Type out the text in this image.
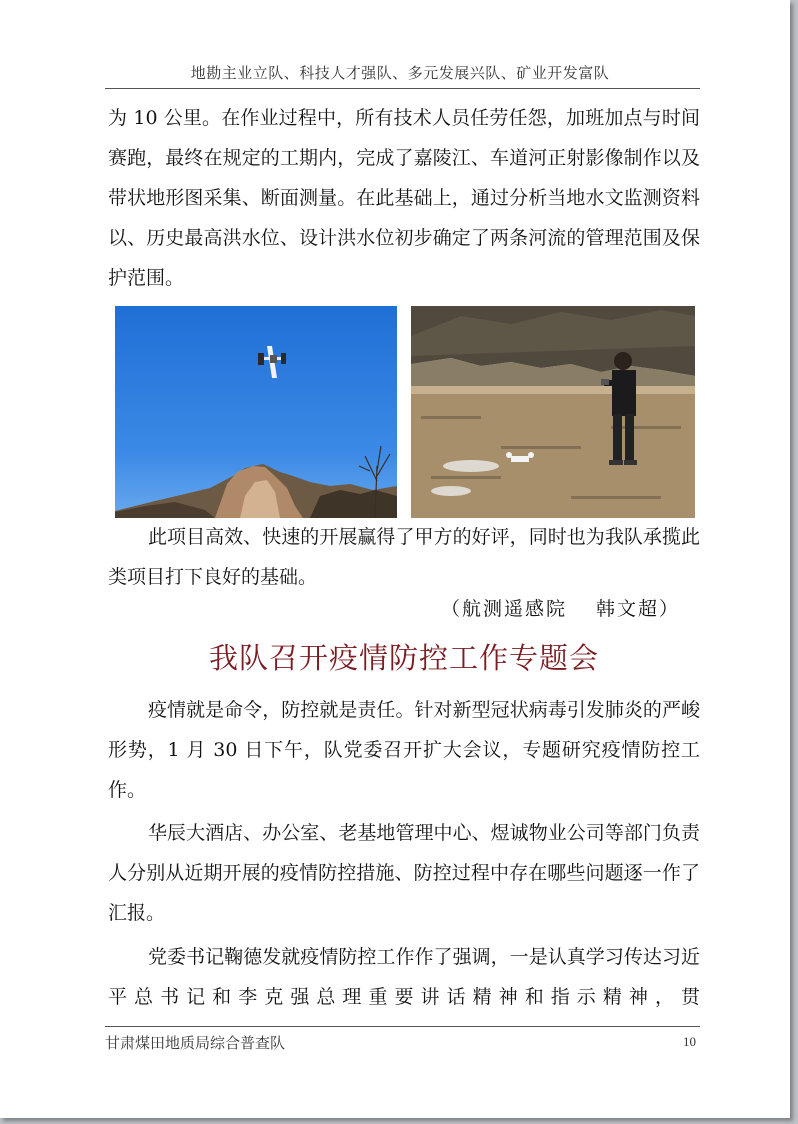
地勘主业立队、科技人才强队、多元发展兴队、矿业开发富队

为 10 公里。在作业过程中，所有技术人员任劳任怨，加班加点与时间赛跑，最终在规定的工期内，完成了嘉陵江、车道河正射影像制作以及带状地形图采集、断面测量。在此基础上，通过分析当地水文监测资料以、历史最高洪水位、设计洪水位初步确定了两条河流的管理范围及保护范围。

此项目高效、快速的开展赢得了甲方的好评，同时也为我队承揽此类项目打下良好的基础。

（航测遥感院　 韩文超）
我队召开疫情防控工作专题会

疫情就是命令，防控就是责任。针对新型冠状病毒引发肺炎的严峻形势，1 月 30 日下午，队党委召开扩大会议，专题研究疫情防控工作。

华辰大酒店、办公室、老基地管理中心、煜诚物业公司等部门负责人分别从近期开展的疫情防控措施、防控过程中存在哪些问题逐一作了汇报。

党委书记鞠德发就疫情防控工作作了强调，一是认真学习传达习近平总书记和李克强总理重要讲话精神和指示精神，贯

甘肃煤田地质局综合普查队	10
